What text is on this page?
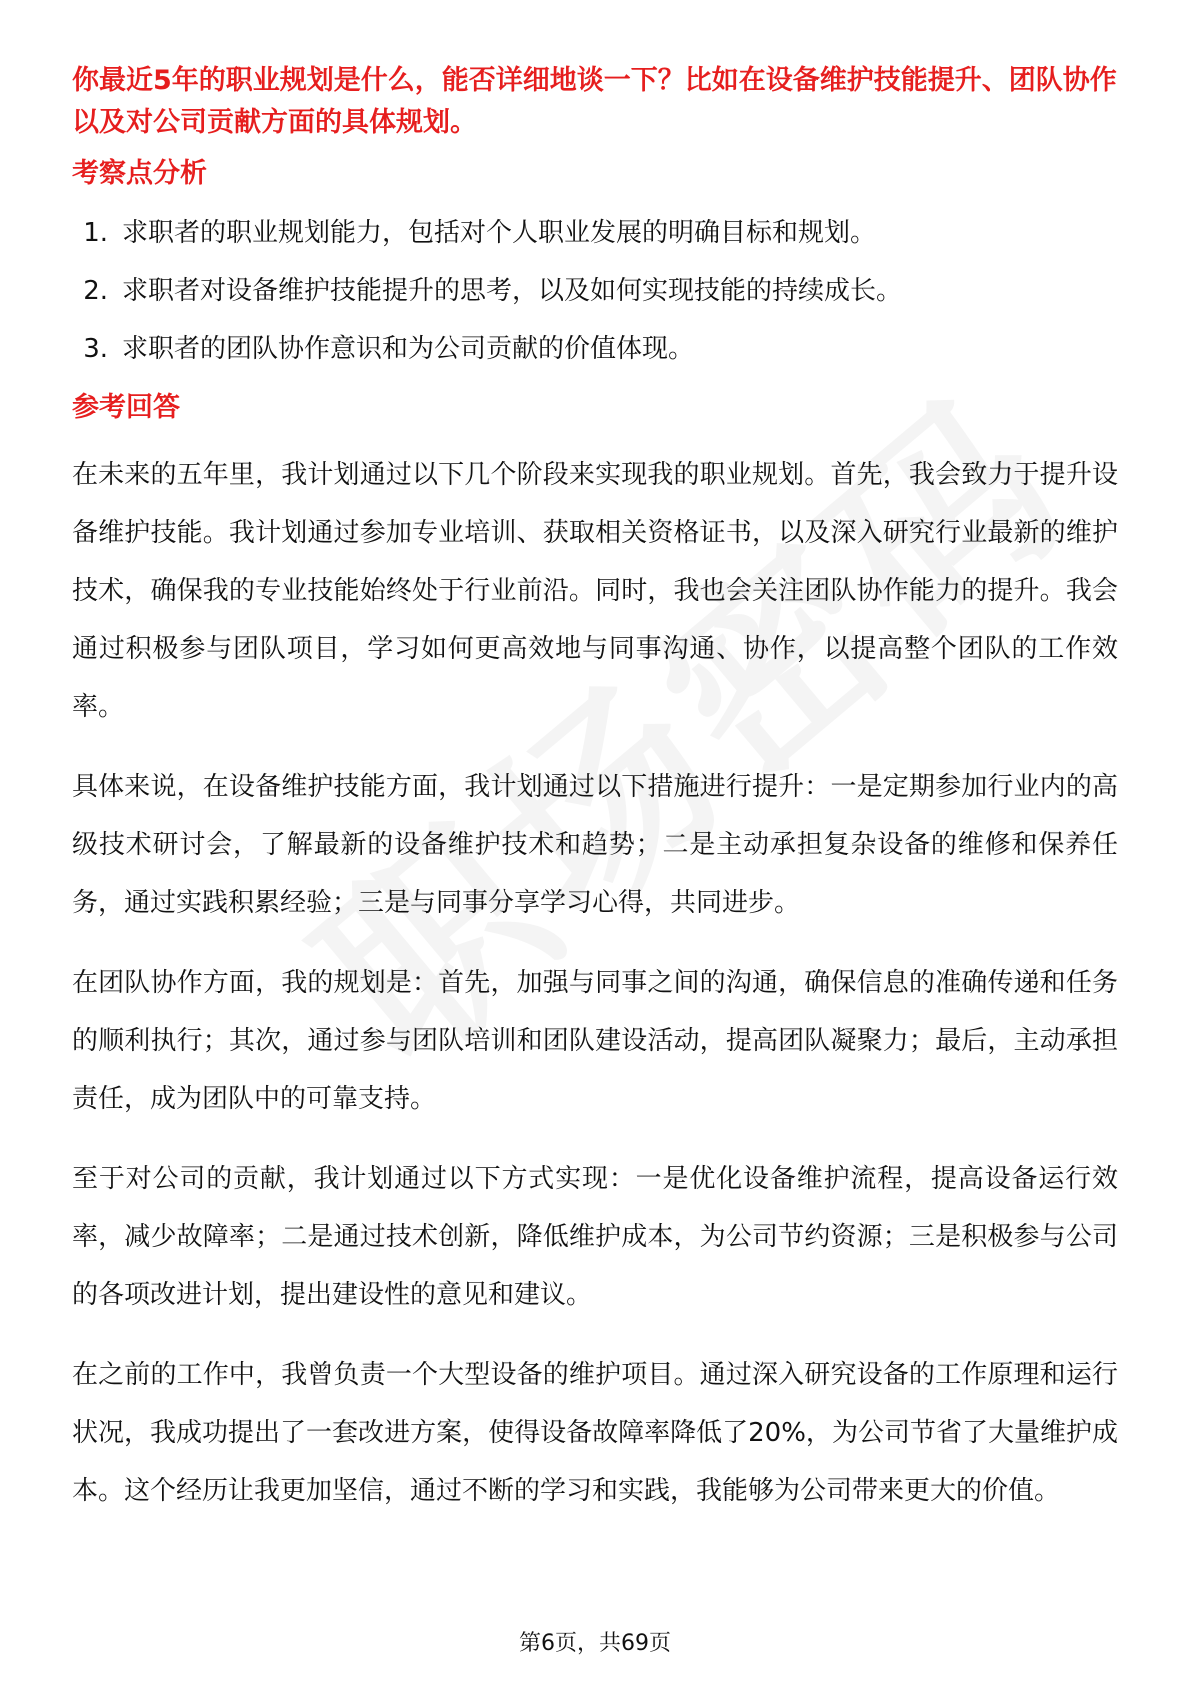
你最近5年的职业规划是什么，能否详细地谈一下？比如在设备维护技能提升、团队协作以及对公司贡献方面的具体规划。

考察点分析
1. 求职者的职业规划能力，包括对个人职业发展的明确目标和规划。
2. 求职者对设备维护技能提升的思考，以及如何实现技能的持续成长。
3. 求职者的团队协作意识和为公司贡献的价值体现。
参考回答

在未来的五年里，我计划通过以下几个阶段来实现我的职业规划。首先，我会致力于提升设备维护技能。我计划通过参加专业培训、获取相关资格证书，以及深入研究行业最新的维护技术，确保我的专业技能始终处于行业前沿。同时，我也会关注团队协作能力的提升。我会通过积极参与团队项目，学习如何更高效地与同事沟通、协作，以提高整个团队的工作效率。

具体来说，在设备维护技能方面，我计划通过以下措施进行提升：一是定期参加行业内的高级技术研讨会，了解最新的设备维护技术和趋势；二是主动承担复杂设备的维修和保养任务，通过实践积累经验；三是与同事分享学习心得，共同进步。

在团队协作方面，我的规划是：首先，加强与同事之间的沟通，确保信息的准确传递和任务的顺利执行；其次，通过参与团队培训和团队建设活动，提高团队凝聚力；最后，主动承担责任，成为团队中的可靠支持。

至于对公司的贡献，我计划通过以下方式实现：一是优化设备维护流程，提高设备运行效率，减少故障率；二是通过技术创新，降低维护成本，为公司节约资源；三是积极参与公司的各项改进计划，提出建设性的意见和建议。

在之前的工作中，我曾负责一个大型设备的维护项目。通过深入研究设备的工作原理和运行状况，我成功提出了一套改进方案，使得设备故障率降低了20%，为公司节省了大量维护成本。这个经历让我更加坚信，通过不断的学习和实践，我能够为公司带来更大的价值。

第6页，共69页
